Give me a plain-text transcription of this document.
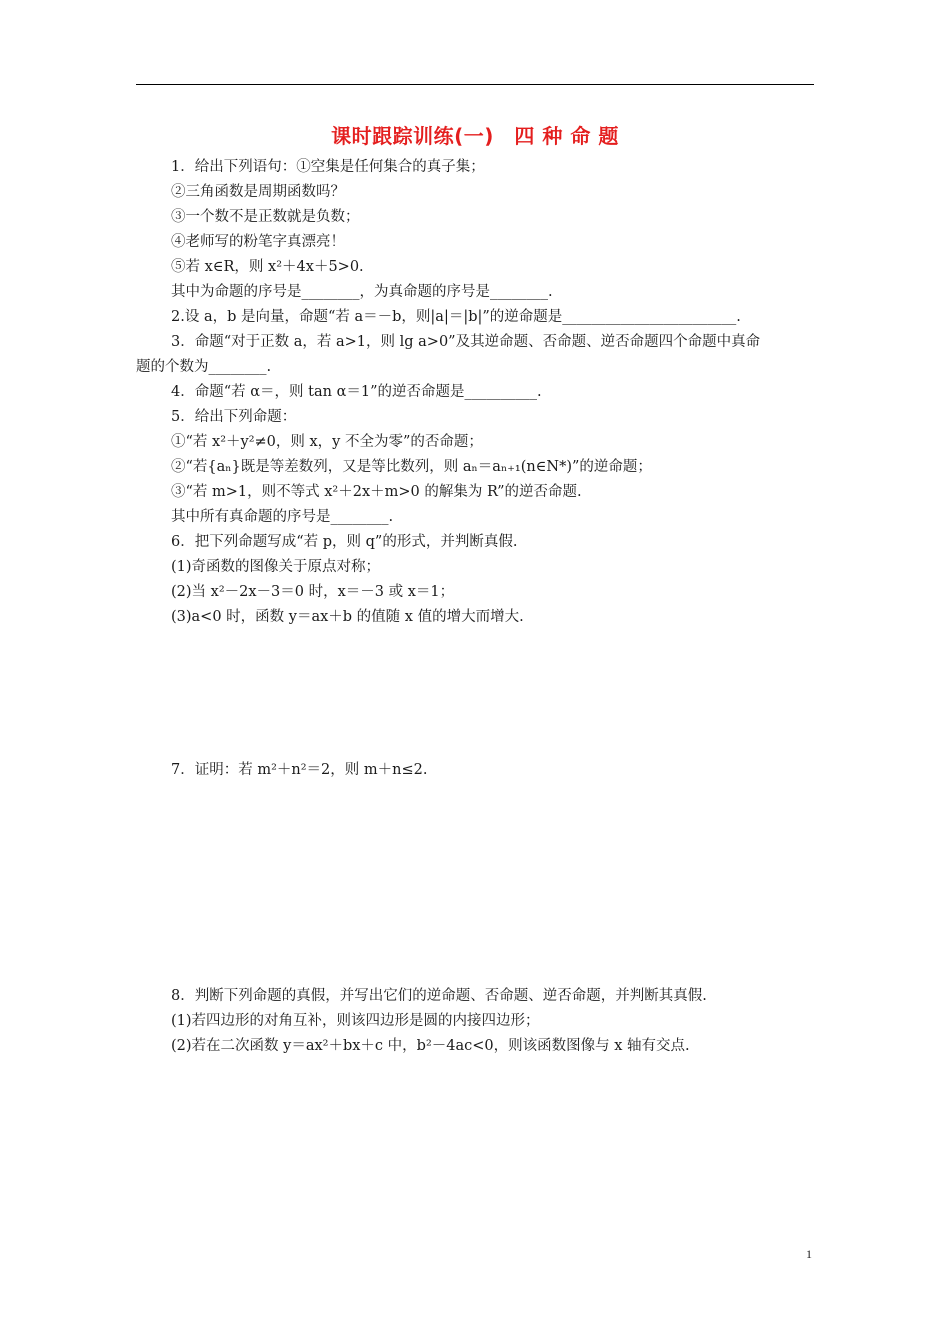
课时跟踪训练(一)　四 种 命 题
1．给出下列语句：①空集是任何集合的真子集；
②三角函数是周期函数吗？
③一个数不是正数就是负数；
④老师写的粉笔字真漂亮！
⑤若 x∈R，则 x²＋4x＋5>0.
其中为命题的序号是________，为真命题的序号是________.
2.设 a，b 是向量，命题“若 a＝－b，则|a|＝|b|”的逆命题是________________________.
3．命题“对于正数 a，若 a>1，则 lg a>0”及其逆命题、否命题、逆否命题四个命题中真命
题的个数为________.
4．命题“若 α＝，则 tan α＝1”的逆否命题是__________.
5．给出下列命题：
①“若 x²＋y²≠0，则 x，y 不全为零”的否命题；
②“若{aₙ}既是等差数列，又是等比数列，则 aₙ＝aₙ₊₁(n∈N*)”的逆命题；
③“若 m>1，则不等式 x²＋2x＋m>0 的解集为 R”的逆否命题.
其中所有真命题的序号是________.
6．把下列命题写成“若 p，则 q”的形式，并判断真假.
(1)奇函数的图像关于原点对称；
(2)当 x²－2x－3＝0 时，x＝－3 或 x＝1；
(3)a<0 时，函数 y＝ax＋b 的值随 x 值的增大而增大.
7．证明：若 m²＋n²＝2，则 m＋n≤2.
8．判断下列命题的真假，并写出它们的逆命题、否命题、逆否命题，并判断其真假.
(1)若四边形的对角互补，则该四边形是圆的内接四边形；
(2)若在二次函数 y＝ax²＋bx＋c 中，b²－4ac<0，则该函数图像与 x 轴有交点.
1
